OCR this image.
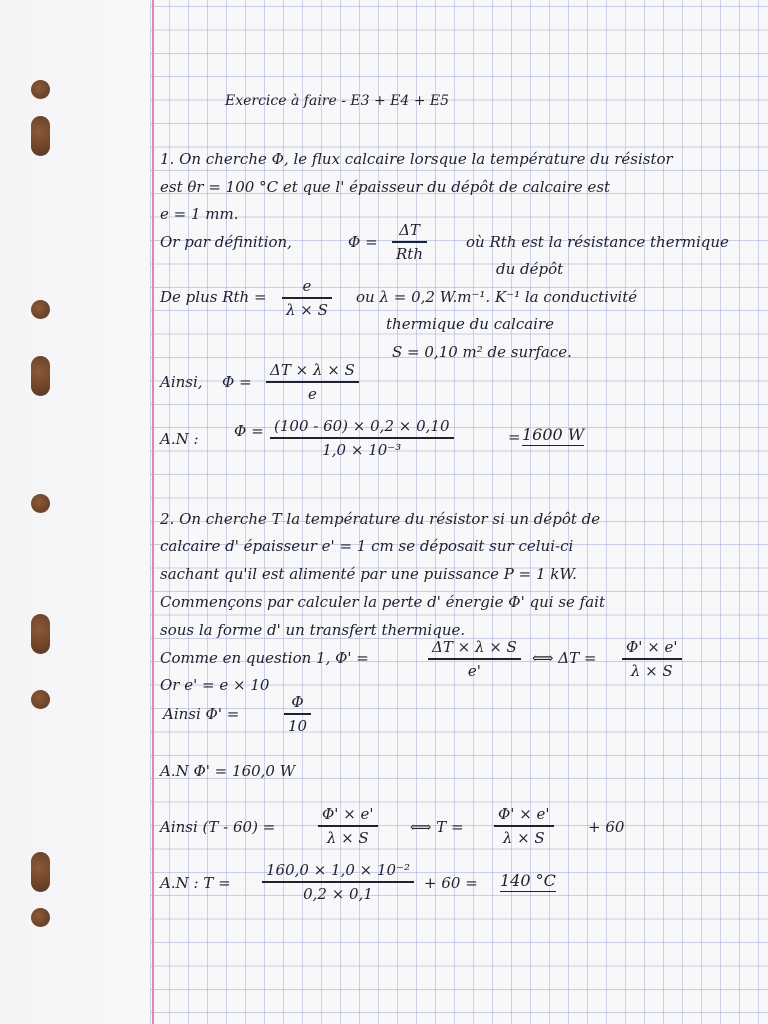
Exercice à faire - E3 + E4 + E5
1. On cherche Φ, le flux calcaire lorsque la température du résistor
est θr = 100 °C et que l' épaisseur du dépôt de calcaire est
e = 1 mm.
Or par définition,	Φ =
ΔT
Rth
où Rth est la résistance thermique
du dépôt
De plus Rth =
e
λ × S
ou λ = 0,2 W.m⁻¹. K⁻¹ la conductivité
thermique du calcaire
S = 0,10 m² de surface.
Ainsi, Φ =
ΔT × λ × S
e
A.N : Φ = (100 - 60) × 0,2 × 0,10
1,0 × 10⁻³
= 1600 W
2. On cherche T la température du résistor si un dépôt de
calcaire d' épaisseur e' = 1 cm se déposait sur celui-ci
sachant qu'il est alimenté par une puissance P = 1 kW.
Commençons par calculer la perte d' énergie Φ' qui se fait
sous la forme d' un transfert thermique.
Comme en question 1, Φ' =
ΔT × λ × S
e'
⟺ ΔT =
Φ' × e'
λ × S
Or e' = e × 10
Ainsi Φ' =
Φ
10
A.N Φ' = 160,0 W
Ainsi (T - 60) =
Φ' × e'
λ × S
⟺ T =
Φ' × e'
λ × S
+ 60
A.N : T =
160,0 × 1,0 × 10⁻²
0,2 × 0,1
+ 60 = 140 °C
